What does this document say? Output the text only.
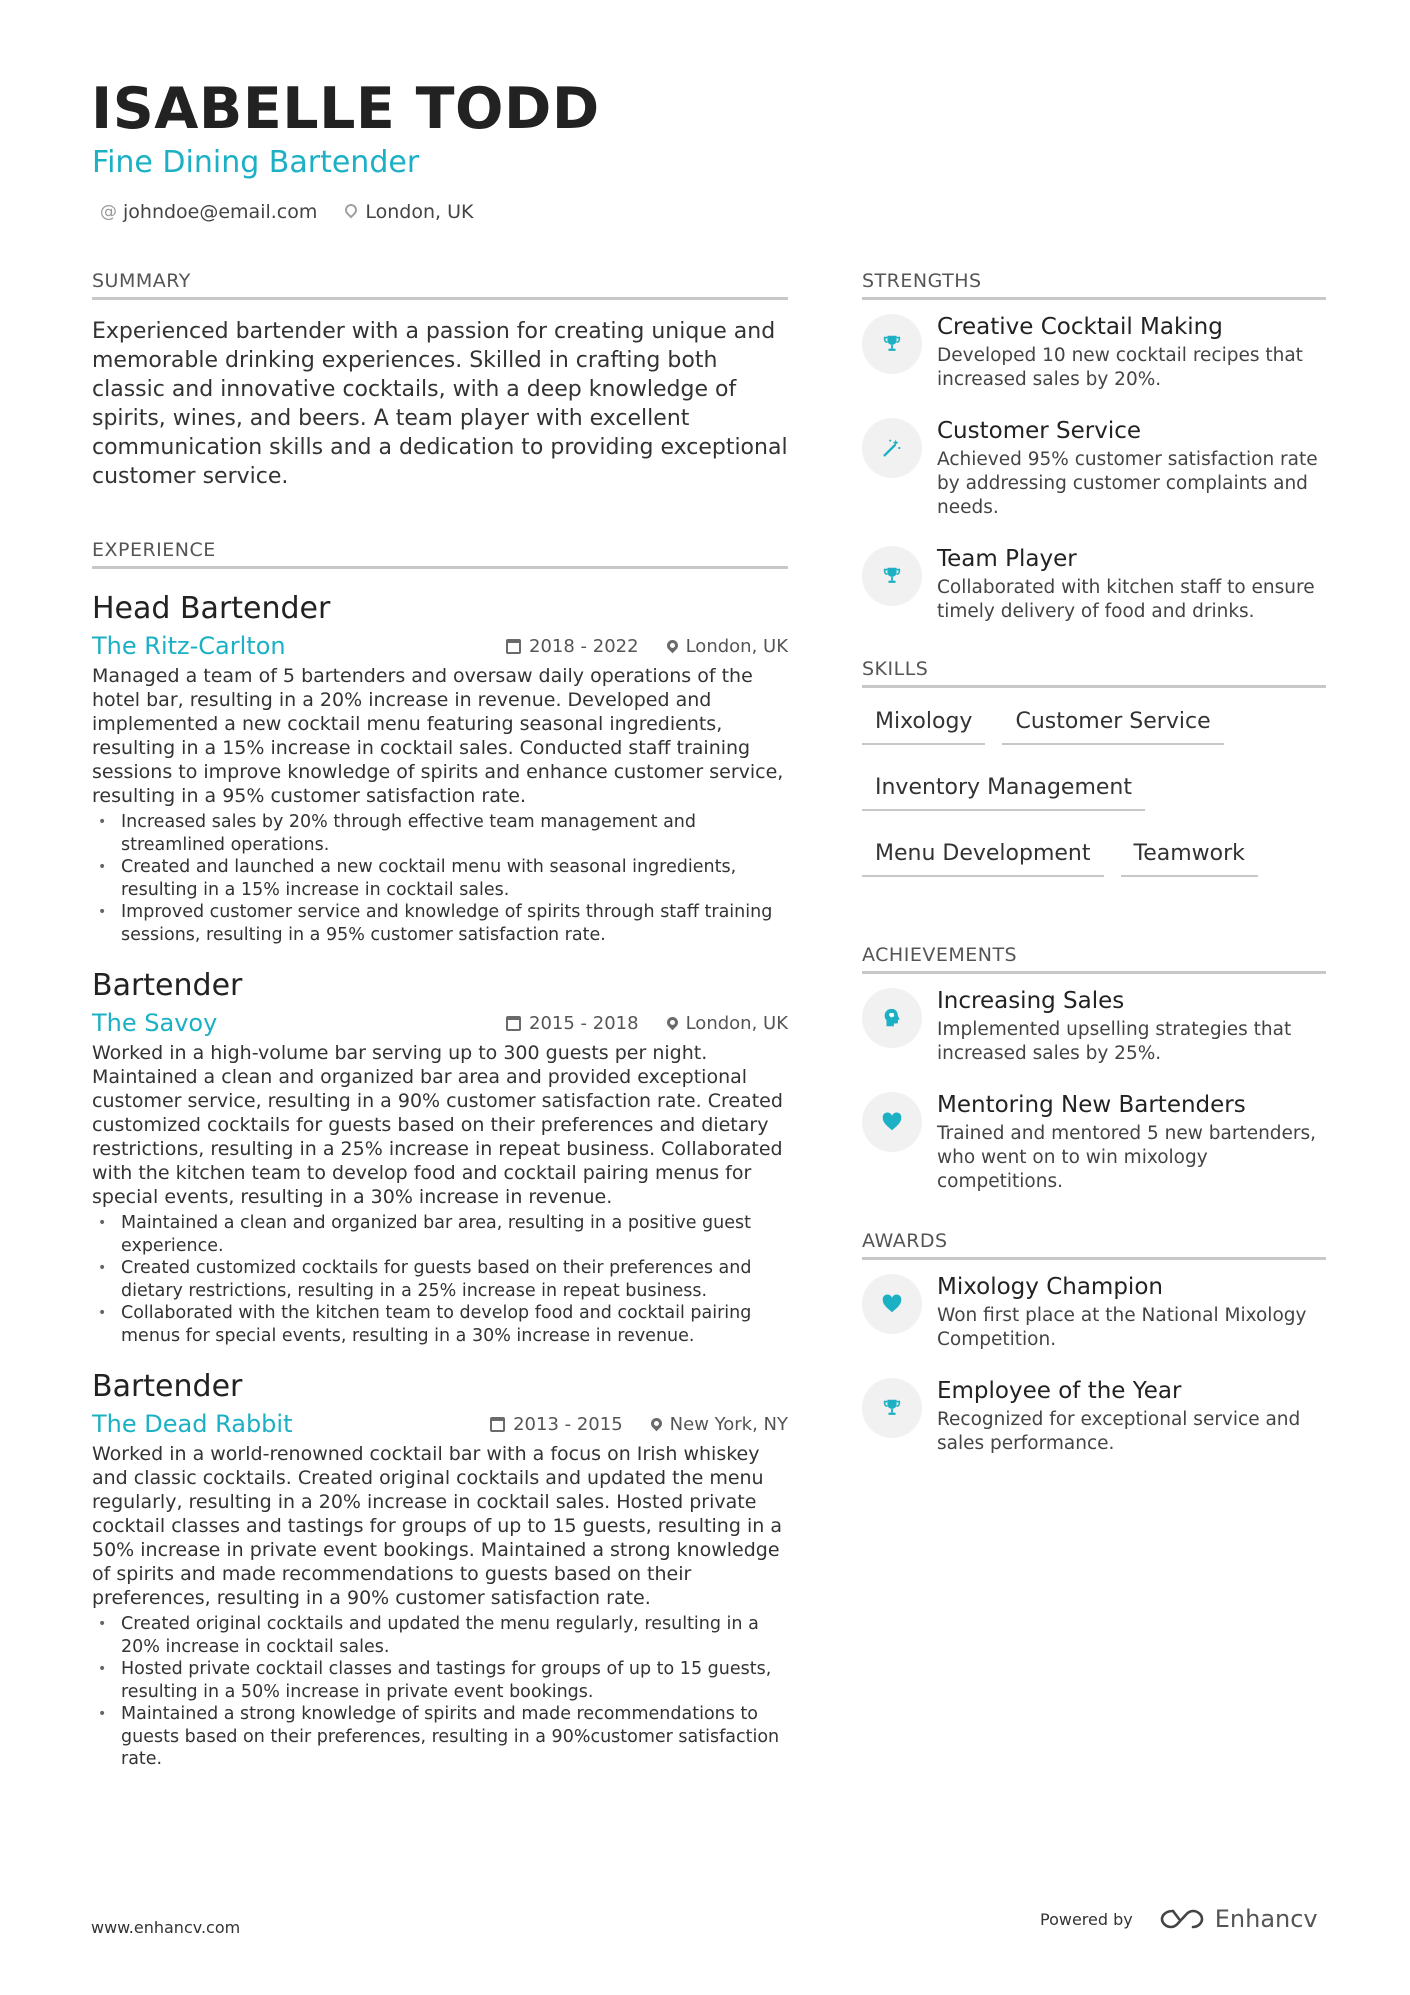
ISABELLE TODD
Fine Dining Bartender
@ johndoe@email.com	London, UK
SUMMARY
Experienced bartender with a passion for creating unique and memorable drinking experiences. Skilled in crafting both classic and innovative cocktails, with a deep knowledge of spirits, wines, and beers. A team player with excellent communication skills and a dedication to providing exceptional customer service.
EXPERIENCE
Head Bartender
The Ritz-Carlton	2018 - 2022	London, UK
Managed a team of 5 bartenders and oversaw daily operations of the hotel bar, resulting in a 20% increase in revenue. Developed and implemented a new cocktail menu featuring seasonal ingredients, resulting in a 15% increase in cocktail sales. Conducted staff training sessions to improve knowledge of spirits and enhance customer service, resulting in a 95% customer satisfaction rate.
• Increased sales by 20% through effective team management and streamlined operations.
• Created and launched a new cocktail menu with seasonal ingredients, resulting in a 15% increase in cocktail sales.
• Improved customer service and knowledge of spirits through staff training sessions, resulting in a 95% customer satisfaction rate.
Bartender
The Savoy	2015 - 2018	London, UK
Worked in a high-volume bar serving up to 300 guests per night. Maintained a clean and organized bar area and provided exceptional customer service, resulting in a 90% customer satisfaction rate. Created customized cocktails for guests based on their preferences and dietary restrictions, resulting in a 25% increase in repeat business. Collaborated with the kitchen team to develop food and cocktail pairing menus for special events, resulting in a 30% increase in revenue.
• Maintained a clean and organized bar area, resulting in a positive guest experience.
• Created customized cocktails for guests based on their preferences and dietary restrictions, resulting in a 25% increase in repeat business.
• Collaborated with the kitchen team to develop food and cocktail pairing menus for special events, resulting in a 30% increase in revenue.
Bartender
The Dead Rabbit	2013 - 2015	New York, NY
Worked in a world-renowned cocktail bar with a focus on Irish whiskey and classic cocktails. Created original cocktails and updated the menu regularly, resulting in a 20% increase in cocktail sales. Hosted private cocktail classes and tastings for groups of up to 15 guests, resulting in a 50% increase in private event bookings. Maintained a strong knowledge of spirits and made recommendations to guests based on their preferences, resulting in a 90% customer satisfaction rate.
• Created original cocktails and updated the menu regularly, resulting in a 20% increase in cocktail sales.
• Hosted private cocktail classes and tastings for groups of up to 15 guests, resulting in a 50% increase in private event bookings.
• Maintained a strong knowledge of spirits and made recommendations to guests based on their preferences, resulting in a 90%customer satisfaction rate.
STRENGTHS
Creative Cocktail Making
Developed 10 new cocktail recipes that increased sales by 20%.
Customer Service
Achieved 95% customer satisfaction rate by addressing customer complaints and needs.
Team Player
Collaborated with kitchen staff to ensure timely delivery of food and drinks.
SKILLS
Mixology	Customer Service
Inventory Management
Menu Development	Teamwork
ACHIEVEMENTS
Increasing Sales
Implemented upselling strategies that increased sales by 25%.
Mentoring New Bartenders
Trained and mentored 5 new bartenders, who went on to win mixology competitions.
AWARDS
Mixology Champion
Won first place at the National Mixology Competition.
Employee of the Year
Recognized for exceptional service and sales performance.
www.enhancv.com	Powered by	Enhancv
